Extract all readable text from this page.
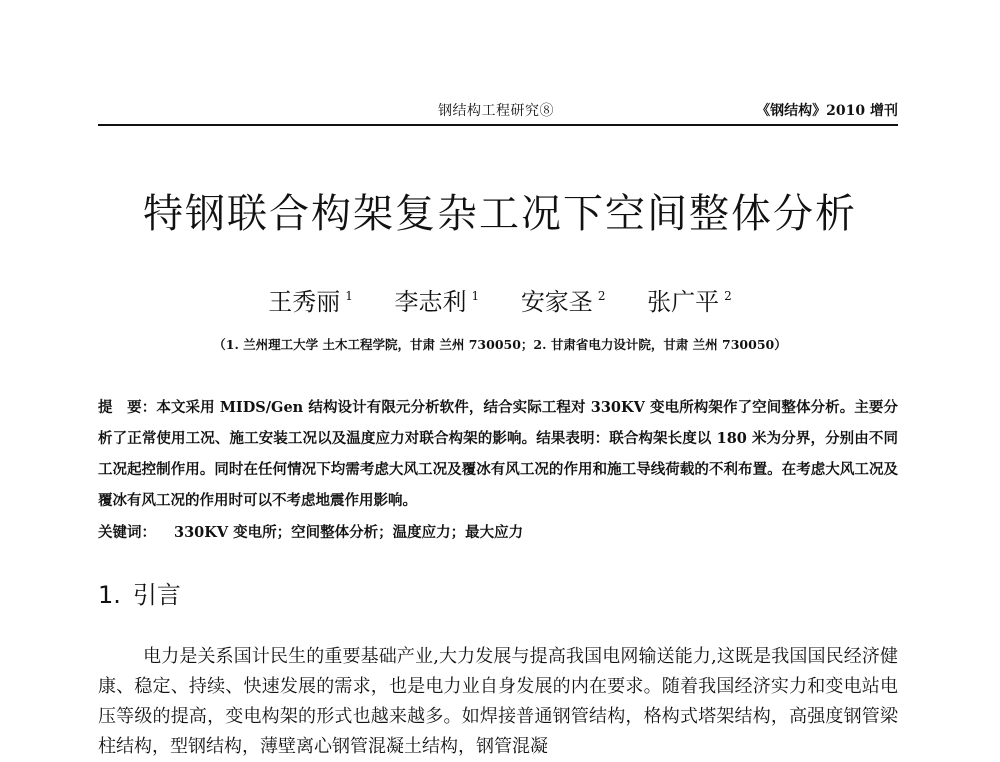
钢结构工程研究⑧	《钢结构》2010 增刊
特钢联合构架复杂工况下空间整体分析
王秀丽 $^1$ 李志利 $^1$ 安家圣 $^2$ 张广平 $^2$
（1. 兰州理工大学 土木工程学院，甘肃 兰州 730050；2. 甘肃省电力设计院，甘肃 兰州 730050）
提　要：本文采用 MIDS/Gen 结构设计有限元分析软件，结合实际工程对 330KV 变电所构架作了空间整体分析。主要分析了正常使用工况、施工安装工况以及温度应力对联合构架的影响。结果表明：联合构架长度以 180 米为分界，分别由不同工况起控制作用。同时在任何情况下均需考虑大风工况及覆冰有风工况的作用和施工导线荷载的不利布置。在考虑大风工况及覆冰有风工况的作用时可以不考虑地震作用影响。
关键词： 330KV 变电所；空间整体分析；温度应力；最大应力
1. 引言
电力是关系国计民生的重要基础产业,大力发展与提高我国电网输送能力,这既是我国国民经济健康、稳定、持续、快速发展的需求，也是电力业自身发展的内在要求。随着我国经济实力和变电站电压等级的提高，变电构架的形式也越来越多。如焊接普通钢管结构，格构式塔架结构，高强度钢管梁柱结构，型钢结构，薄壁离心钢管混凝土结构，钢管混凝
